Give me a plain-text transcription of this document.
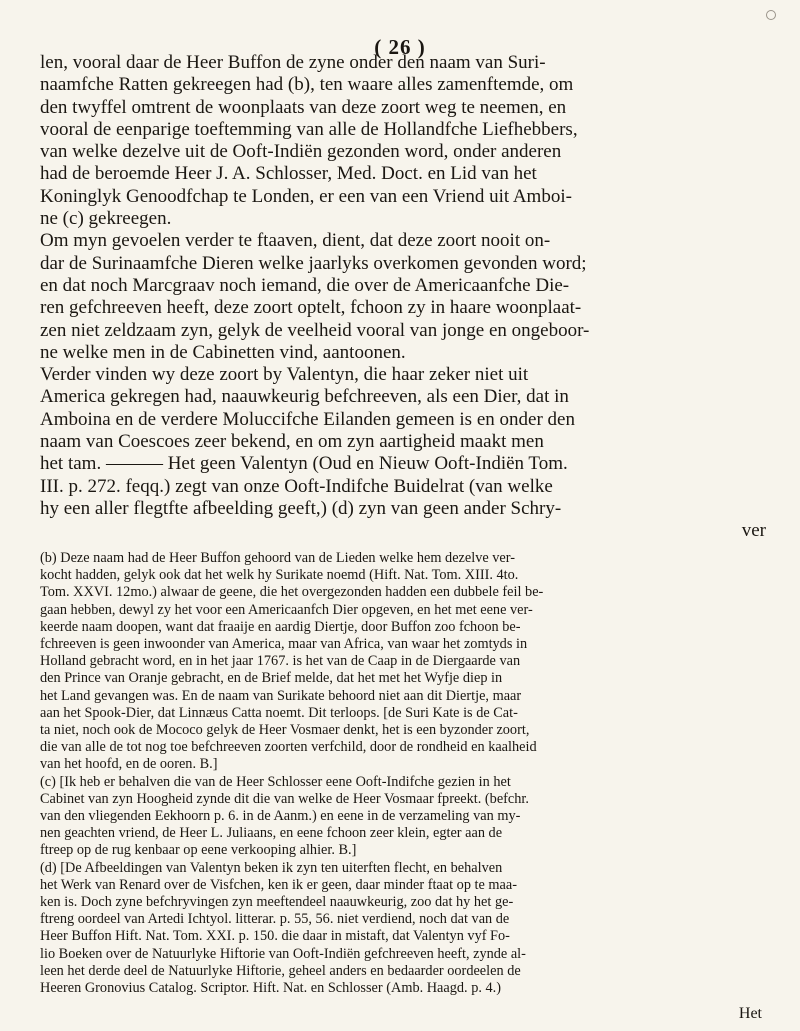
( 26 )

len, vooral daar de Heer Buffon de zyne onder den naam van Suri-

naamfche Ratten gekreegen had (b), ten waare alles zamenftemde, om

den twyffel omtrent de woonplaats van deze zoort weg te neemen, en

vooral de eenparige toeftemming van alle de Hollandfche Liefhebbers,

van welke dezelve uit de Ooft-Indiën gezonden word, onder anderen

had de beroemde Heer J. A. Schlosser, Med. Doct. en Lid van het

Koninglyk Genoodfchap te Londen, er een van een Vriend uit Amboi-

ne (c) gekreegen.

Om myn gevoelen verder te ftaaven, dient, dat deze zoort nooit on-

dar de Surinaamfche Dieren welke jaarlyks overkomen gevonden word;

en dat noch Marcgraav noch iemand, die over de Americaanfche Die-

ren gefchreeven heeft, deze zoort optelt, fchoon zy in haare woonplaat-

zen niet zeldzaam zyn, gelyk de veelheid vooral van jonge en ongeboor-

ne welke men in de Cabinetten vind, aantoonen.

Verder vinden wy deze zoort by Valentyn, die haar zeker niet uit

America gekregen had, naauwkeurig befchreeven, als een Dier, dat in

Amboina en de verdere Moluccifche Eilanden gemeen is en onder den

naam van Coescoes zeer bekend, en om zyn aartigheid maakt men

het tam. ——— Het geen Valentyn (Oud en Nieuw Ooft-Indiën Tom.

III. p. 272. feqq.) zegt van onze Ooft-Indifche Buidelrat (van welke

hy een aller flegtfte afbeelding geeft,) (d) zyn van geen ander Schry-

ver

(b) Deze naam had de Heer Buffon gehoord van de Lieden welke hem dezelve ver-

kocht hadden, gelyk ook dat het welk hy Surikate noemd (Hift. Nat. Tom. XIII. 4to.

Tom. XXVI. 12mo.) alwaar de geene, die het overgezonden hadden een dubbele feil be-

gaan hebben, dewyl zy het voor een Americaanfch Dier opgeven, en het met eene ver-

keerde naam doopen, want dat fraaije en aardig Diertje, door Buffon zoo fchoon be-

fchreeven is geen inwoonder van America, maar van Africa, van waar het zomtyds in

Holland gebracht word, en in het jaar 1767. is het van de Caap in de Diergaarde van

den Prince van Oranje gebracht, en de Brief melde, dat het met het Wyfje diep in

het Land gevangen was. En de naam van Surikate behoord niet aan dit Diertje, maar

aan het Spook-Dier, dat Linnæus Catta noemt. Dit terloops. [de Suri Kate is de Cat-

ta niet, noch ook de Mococo gelyk de Heer Vosmaer denkt, het is een byzonder zoort,

die van alle de tot nog toe befchreeven zoorten verfchild, door de rondheid en kaalheid

van het hoofd, en de ooren. B.]

(c) [Ik heb er behalven die van de Heer Schlosser eene Ooft-Indifche gezien in het

Cabinet van zyn Hoogheid zynde dit die van welke de Heer Vosmaar fpreekt. (befchr.

van den vliegenden Eekhoorn p. 6. in de Aanm.) en eene in de verzameling van my-

nen geachten vriend, de Heer L. Juliaans, en eene fchoon zeer klein, egter aan de

ftreep op de rug kenbaar op eene verkooping alhier. B.]

(d) [De Afbeeldingen van Valentyn beken ik zyn ten uiterften flecht, en behalven

het Werk van Renard over de Visfchen, ken ik er geen, daar minder ftaat op te maa-

ken is. Doch zyne befchryvingen zyn meeftendeel naauwkeurig, zoo dat hy het ge-

ftreng oordeel van Artedi Ichtyol. litterar. p. 55, 56. niet verdiend, noch dat van de

Heer Buffon Hift. Nat. Tom. XXI. p. 150. die daar in mistaft, dat Valentyn vyf Fo-

lio Boeken over de Natuurlyke Hiftorie van Ooft-Indiën gefchreeven heeft, zynde al-

leen het derde deel de Natuurlyke Hiftorie, geheel anders en bedaarder oordeelen de

Heeren Gronovius Catalog. Scriptor. Hift. Nat. en Schlosser (Amb. Haagd. p. 4.)

Het
